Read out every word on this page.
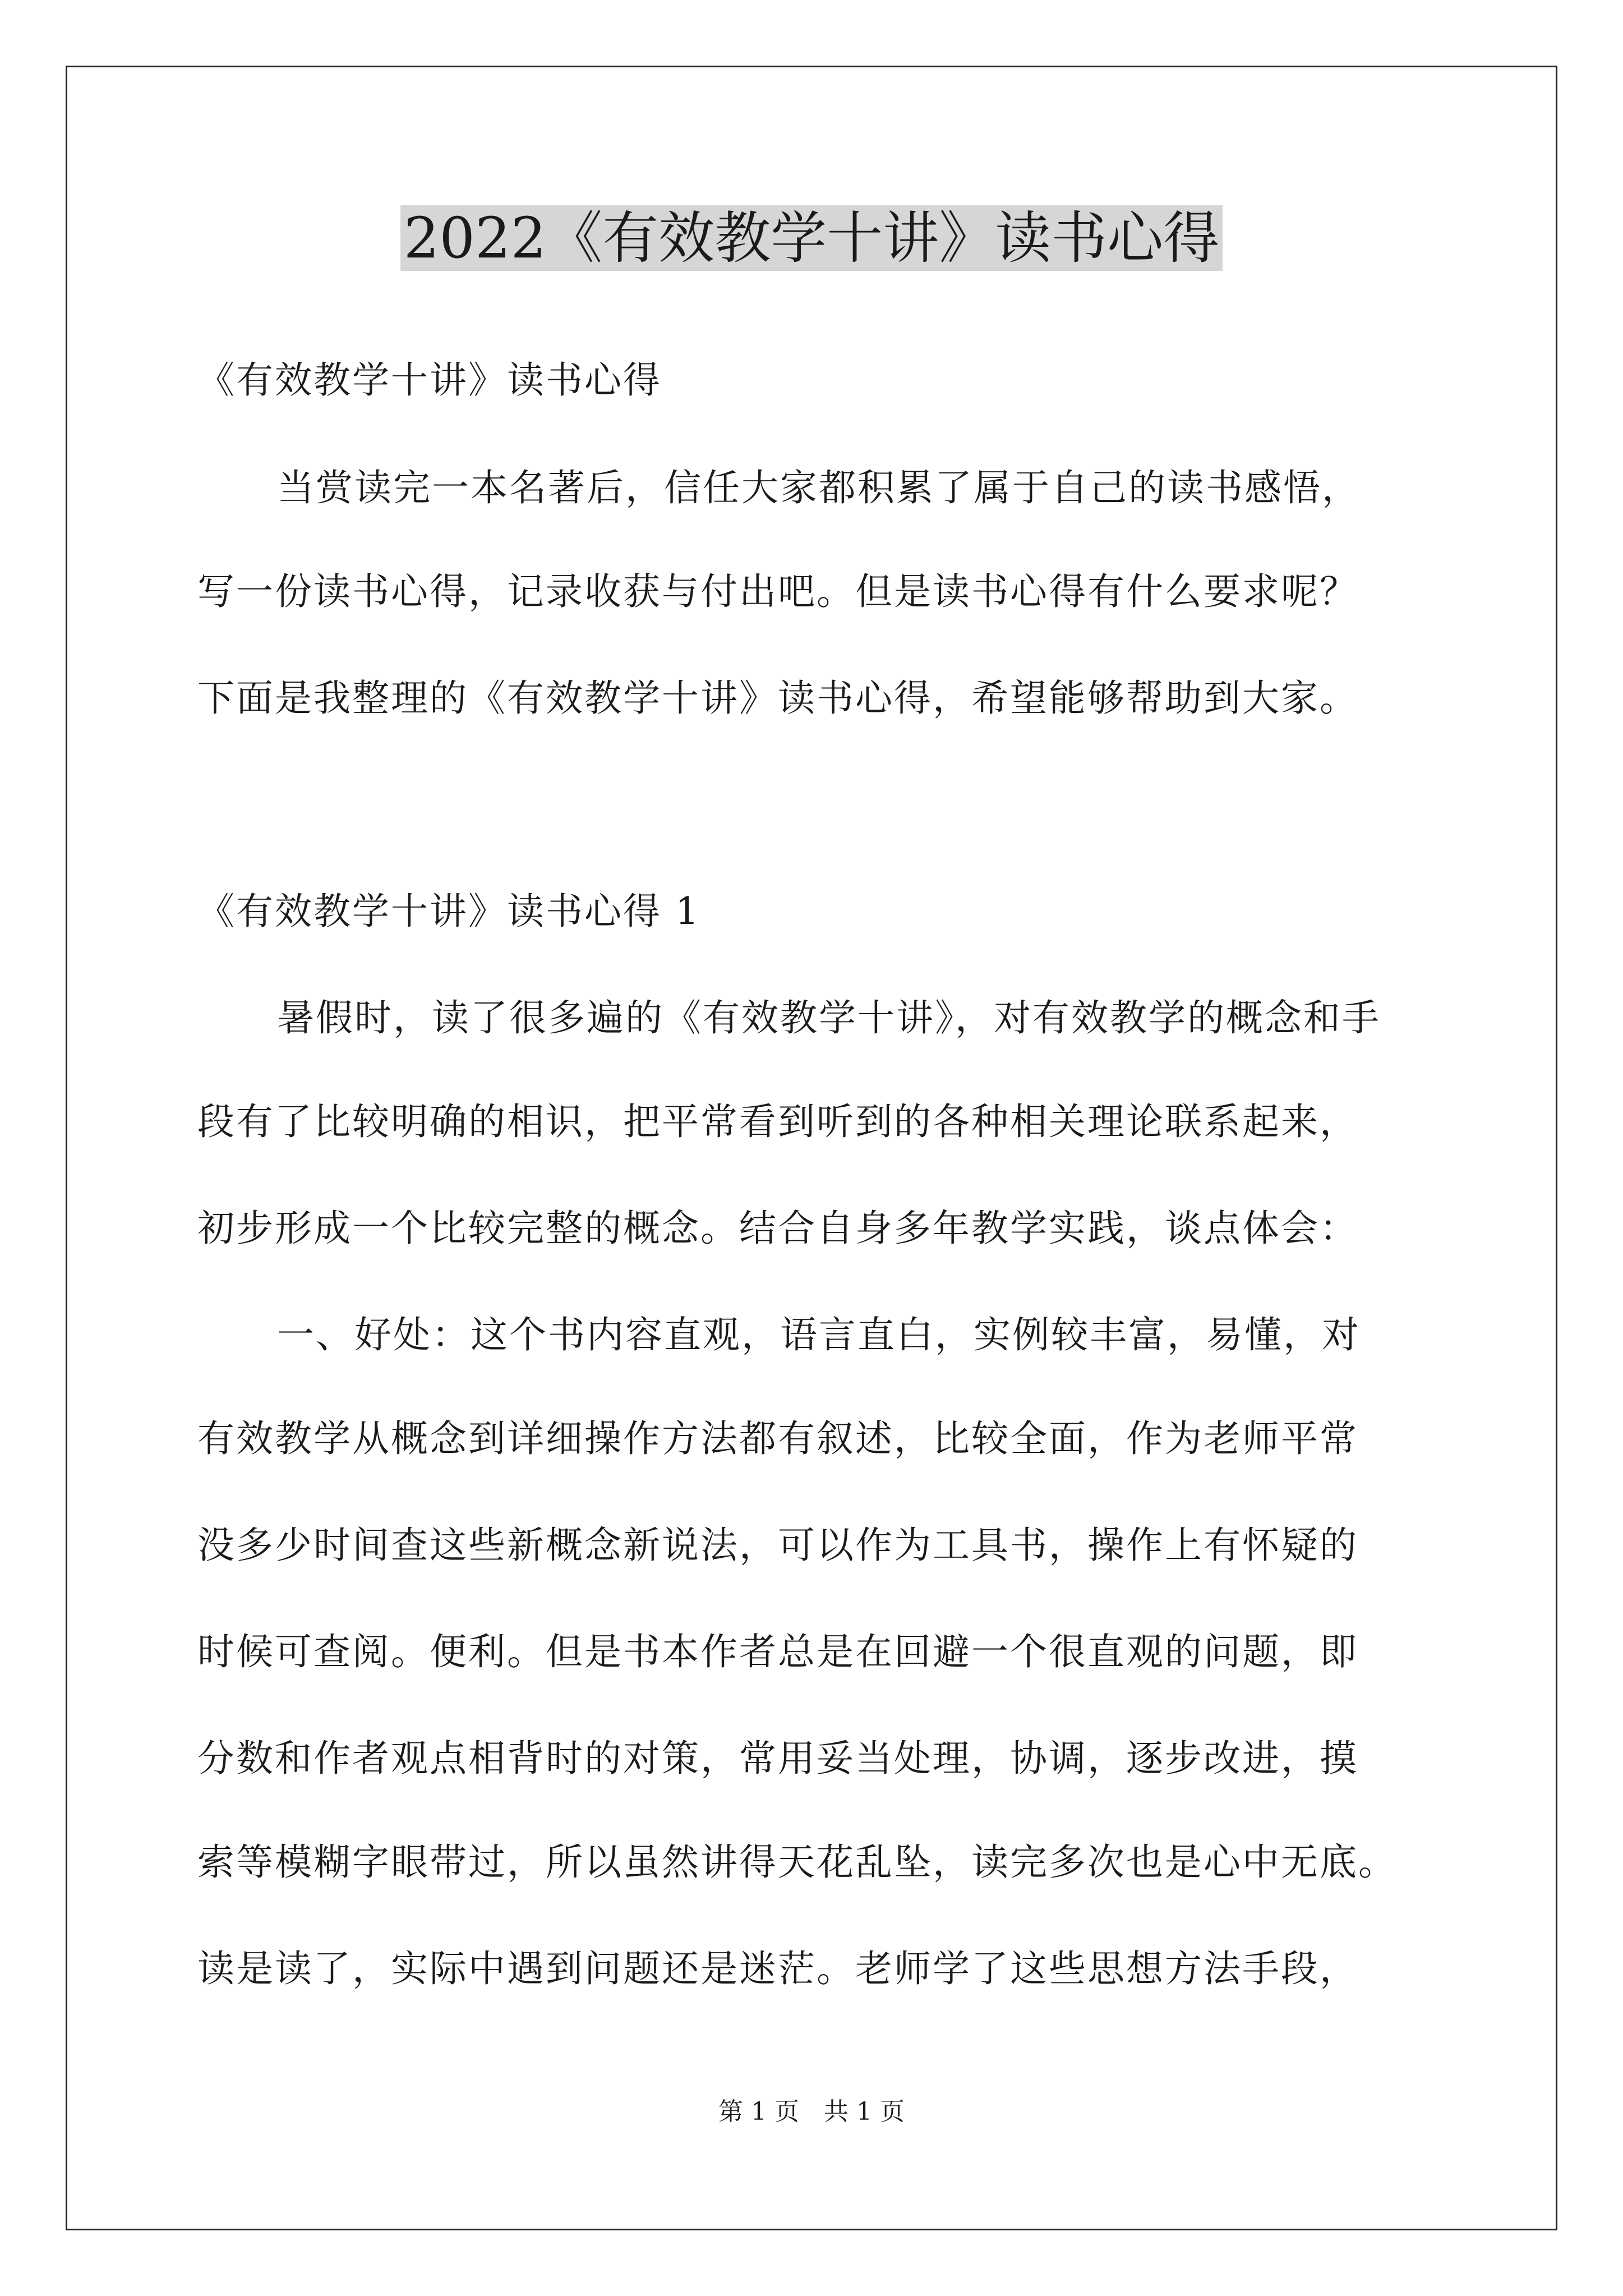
2022《有效教学十讲》读书心得
《有效教学十讲》读书心得
当赏读完一本名著后，信任大家都积累了属于自己的读书感悟，
写一份读书心得，记录收获与付出吧。但是读书心得有什么要求呢？
下面是我整理的《有效教学十讲》读书心得，希望能够帮助到大家。
《有效教学十讲》读书心得 1
暑假时，读了很多遍的《有效教学十讲》，对有效教学的概念和手
段有了比较明确的相识，把平常看到听到的各种相关理论联系起来，
初步形成一个比较完整的概念。结合自身多年教学实践，谈点体会：
一、好处：这个书内容直观，语言直白，实例较丰富，易懂，对
有效教学从概念到详细操作方法都有叙述，比较全面，作为老师平常
没多少时间查这些新概念新说法，可以作为工具书，操作上有怀疑的
时候可查阅。便利。但是书本作者总是在回避一个很直观的问题，即
分数和作者观点相背时的对策，常用妥当处理，协调，逐步改进，摸
索等模糊字眼带过，所以虽然讲得天花乱坠，读完多次也是心中无底。
读是读了，实际中遇到问题还是迷茫。老师学了这些思想方法手段，
第 1 页　共 1 页
